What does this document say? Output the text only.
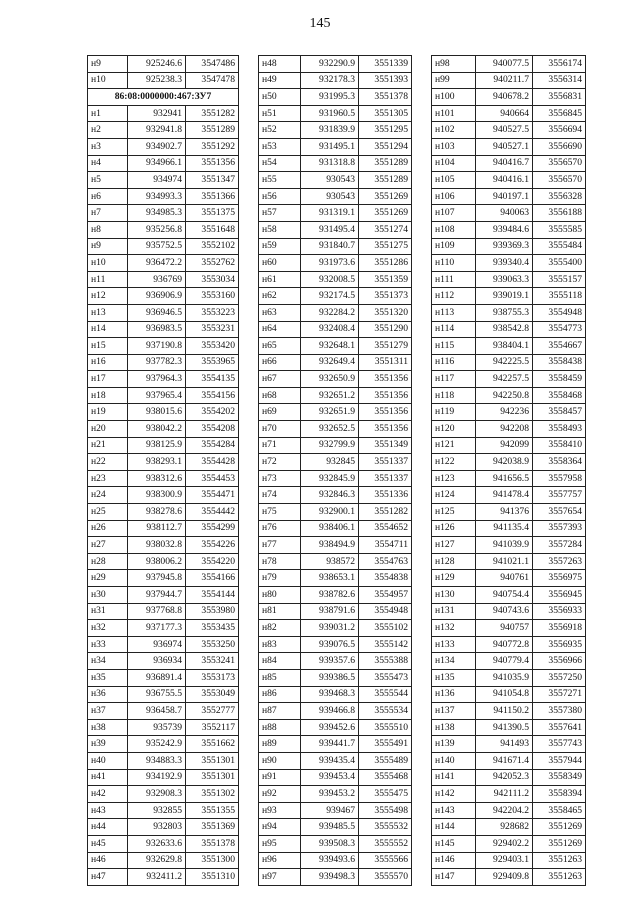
145
н9	925246.6	3547486
н10	925238.3	3547478
86:08:0000000:467:ЗУ7		
н1	932941	3551282
н2	932941.8	3551289
н3	934902.7	3551292
н4	934966.1	3551356
н5	934974	3551347
н6	934993.3	3551366
н7	934985.3	3551375
н8	935256.8	3551648
н9	935752.5	3552102
н10	936472.2	3552762
н11	936769	3553034
н12	936906.9	3553160
н13	936946.5	3553223
н14	936983.5	3553231
н15	937190.8	3553420
н16	937782.3	3553965
н17	937964.3	3554135
н18	937965.4	3554156
н19	938015.6	3554202
н20	938042.2	3554208
н21	938125.9	3554284
н22	938293.1	3554428
н23	938312.6	3554453
н24	938300.9	3554471
н25	938278.6	3554442
н26	938112.7	3554299
н27	938032.8	3554226
н28	938006.2	3554220
н29	937945.8	3554166
н30	937944.7	3554144
н31	937768.8	3553980
н32	937177.3	3553435
н33	936974	3553250
н34	936934	3553241
н35	936891.4	3553173
н36	936755.5	3553049
н37	936458.7	3552777
н38	935739	3552117
н39	935242.9	3551662
н40	934883.3	3551301
н41	934192.9	3551301
н42	932908.3	3551302
н43	932855	3551355
н44	932803	3551369
н45	932633.6	3551378
н46	932629.8	3551300
н47	932411.2	3551310
н48	932290.9	3551339
н49	932178.3	3551393
н50	931995.3	3551378
н51	931960.5	3551305
н52	931839.9	3551295
н53	931495.1	3551294
н54	931318.8	3551289
н55	930543	3551289
н56	930543	3551269
н57	931319.1	3551269
н58	931495.4	3551274
н59	931840.7	3551275
н60	931973.6	3551286
н61	932008.5	3551359
н62	932174.5	3551373
н63	932284.2	3551320
н64	932408.4	3551290
н65	932648.1	3551279
н66	932649.4	3551311
н67	932650.9	3551356
н68	932651.2	3551356
н69	932651.9	3551356
н70	932652.5	3551356
н71	932799.9	3551349
н72	932845	3551337
н73	932845.9	3551337
н74	932846.3	3551336
н75	932900.1	3551282
н76	938406.1	3554652
н77	938494.9	3554711
н78	938572	3554763
н79	938653.1	3554838
н80	938782.6	3554957
н81	938791.6	3554948
н82	939031.2	3555102
н83	939076.5	3555142
н84	939357.6	3555388
н85	939386.5	3555473
н86	939468.3	3555544
н87	939466.8	3555534
н88	939452.6	3555510
н89	939441.7	3555491
н90	939435.4	3555489
н91	939453.4	3555468
н92	939453.2	3555475
н93	939467	3555498
н94	939485.5	3555532
н95	939508.3	3555552
н96	939493.6	3555566
н97	939498.3	3555570
н98	940077.5	3556174
н99	940211.7	3556314
н100	940678.2	3556831
н101	940664	3556845
н102	940527.5	3556694
н103	940527.1	3556690
н104	940416.7	3556570
н105	940416.1	3556570
н106	940197.1	3556328
н107	940063	3556188
н108	939484.6	3555585
н109	939369.3	3555484
н110	939340.4	3555400
н111	939063.3	3555157
н112	939019.1	3555118
н113	938755.3	3554948
н114	938542.8	3554773
н115	938404.1	3554667
н116	942225.5	3558438
н117	942257.5	3558459
н118	942250.8	3558468
н119	942236	3558457
н120	942208	3558493
н121	942099	3558410
н122	942038.9	3558364
н123	941656.5	3557958
н124	941478.4	3557757
н125	941376	3557654
н126	941135.4	3557393
н127	941039.9	3557284
н128	941021.1	3557263
н129	940761	3556975
н130	940754.4	3556945
н131	940743.6	3556933
н132	940757	3556918
н133	940772.8	3556935
н134	940779.4	3556966
н135	941035.9	3557250
н136	941054.8	3557271
н137	941150.2	3557380
н138	941390.5	3557641
н139	941493	3557743
н140	941671.4	3557944
н141	942052.3	3558349
н142	942111.2	3558394
н143	942204.2	3558465
н144	928682	3551269
н145	929402.2	3551269
н146	929403.1	3551263
н147	929409.8	3551263
